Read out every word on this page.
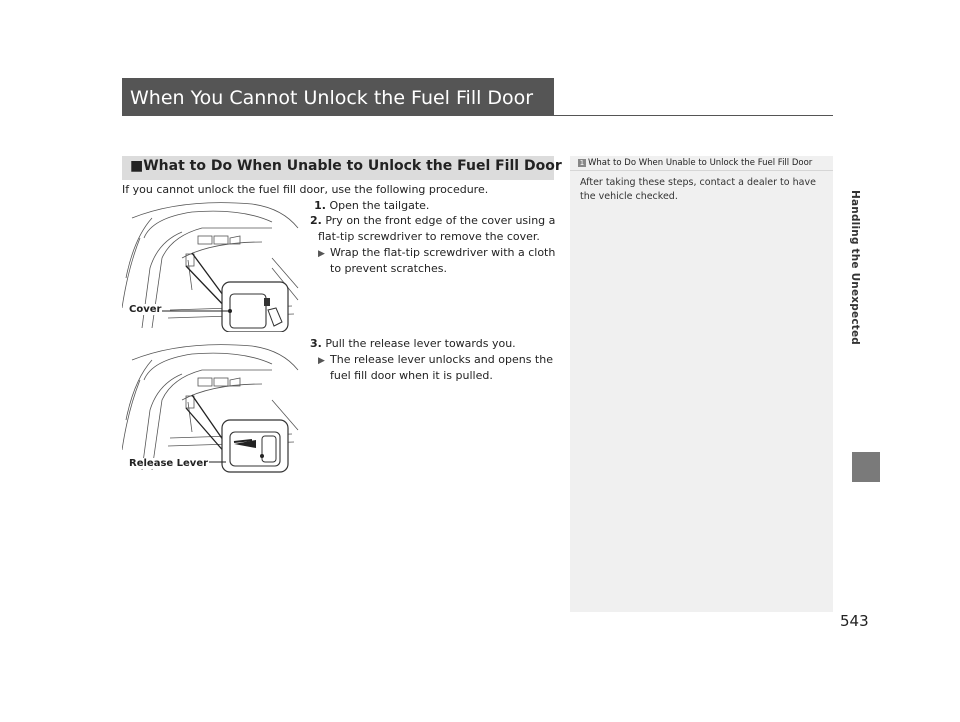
When You Cannot Unlock the Fuel Fill Door
Handling the Unexpected
■What to Do When Unable to Unlock the Fuel Fill Door
If you cannot unlock the fuel fill door, use the following procedure.
1. Open the tailgate.
2. Pry on the front edge of the cover using a flat-tip screwdriver to remove the cover.
▶ Wrap the flat-tip screwdriver with a cloth to prevent scratches.
3. Pull the release lever towards you.
▶ The release lever unlocks and opens the fuel fill door when it is pulled.
Cover
Release Lever
1 What to Do When Unable to Unlock the Fuel Fill Door
After taking these steps, contact a dealer to have the vehicle checked.
543
